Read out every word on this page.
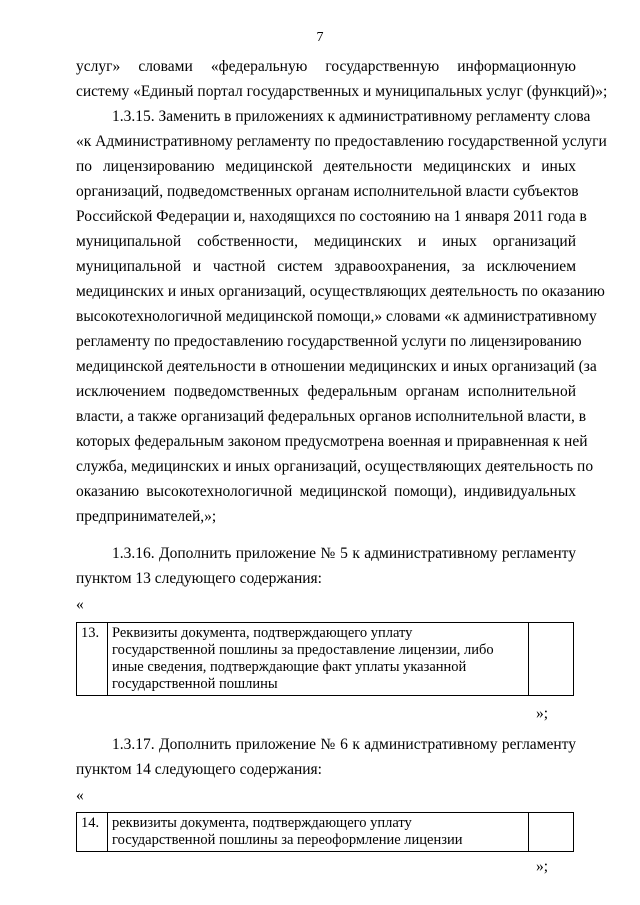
7
услуг» словами «федеральную государственную информационную
систему «Единый портал государственных и муниципальных услуг (функций)»;
1.3.15. Заменить в приложениях к административному регламенту слова
«к Административному регламенту по предоставлению государственной услуги
по лицензированию медицинской деятельности медицинских и иных
организаций, подведомственных органам исполнительной власти субъектов
Российской Федерации и, находящихся по состоянию на 1 января 2011 года в
муниципальной собственности, медицинских и иных организаций
муниципальной и частной систем здравоохранения, за исключением
медицинских и иных организаций, осуществляющих деятельность по оказанию
высокотехнологичной медицинской помощи,» словами «к административному
регламенту по предоставлению государственной услуги по лицензированию
медицинской деятельности в отношении медицинских и иных организаций (за
исключением подведомственных федеральным органам исполнительной
власти, а также организаций федеральных органов исполнительной власти, в
которых федеральным законом предусмотрена военная и приравненная к ней
служба, медицинских и иных организаций, осуществляющих деятельность по
оказанию высокотехнологичной медицинской помощи), индивидуальных
предпринимателей,»;
1.3.16. Дополнить приложение № 5 к административному регламенту
пунктом 13 следующего содержания:
«
13.	Реквизиты документа, подтверждающего уплату
государственной пошлины за предоставление лицензии, либо
иные сведения, подтверждающие факт уплаты указанной
государственной пошлины

»;
1.3.17. Дополнить приложение № 6 к административному регламенту
пунктом 14 следующего содержания:
«
14.	реквизиты документа, подтверждающего уплату
государственной пошлины за переоформление лицензии

»;
